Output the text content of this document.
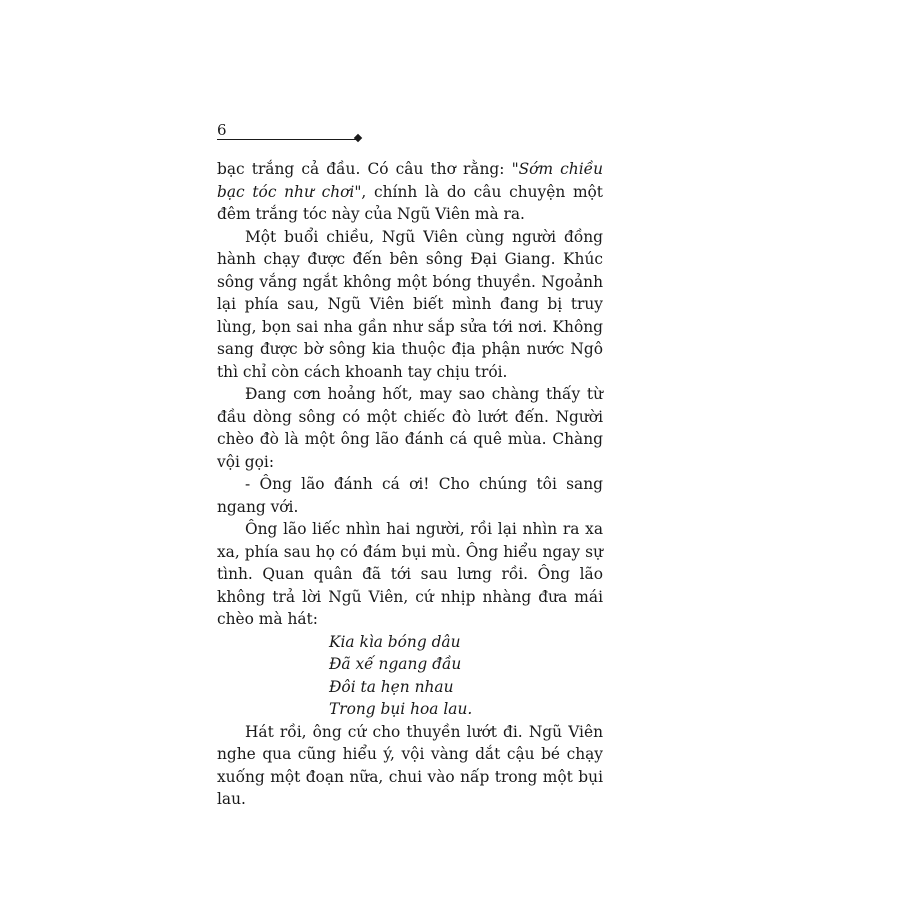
6

bạc trắng cả đầu. Có câu thơ rằng: "Sớm chiều bạc tóc như chơi", chính là do câu chuyện một đêm trắng tóc này của Ngũ Viên mà ra.

Một buổi chiều, Ngũ Viên cùng người đồng hành chạy được đến bên sông Đại Giang. Khúc sông vắng ngắt không một bóng thuyền. Ngoảnh lại phía sau, Ngũ Viên biết mình đang bị truy lùng, bọn sai nha gần như sắp sửa tới nơi. Không sang được bờ sông kia thuộc địa phận nước Ngô thì chỉ còn cách khoanh tay chịu trói.

Đang cơn hoảng hốt, may sao chàng thấy từ đầu dòng sông có một chiếc đò lướt đến. Người chèo đò là một ông lão đánh cá quê mùa. Chàng vội gọi:

- Ông lão đánh cá ơi! Cho chúng tôi sang ngang với.

Ông lão liếc nhìn hai người, rồi lại nhìn ra xa xa, phía sau họ có đám bụi mù. Ông hiểu ngay sự tình. Quan quân đã tới sau lưng rồi. Ông lão không trả lời Ngũ Viên, cứ nhịp nhàng đưa mái chèo mà hát:

Kia kìa bóng dâu
Đã xế ngang đầu
Đôi ta hẹn nhau
Trong bụi hoa lau.

Hát rồi, ông cứ cho thuyền lướt đi. Ngũ Viên nghe qua cũng hiểu ý, vội vàng dắt cậu bé chạy xuống một đoạn nữa, chui vào nấp trong một bụi lau.
